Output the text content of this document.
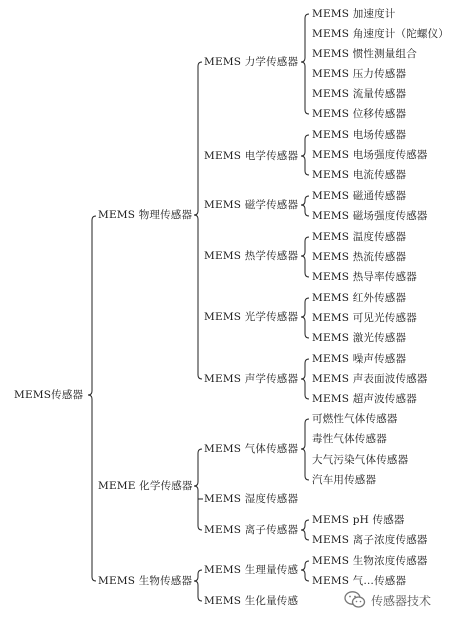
MEMS传感器
MEMS 物理传感器
MEME 化学传感器
MEMS 生物传感器
MEMS 力学传感器
MEMS 电学传感器
MEMS 磁学传感器
MEMS 热学传感器
MEMS 光学传感器
MEMS 声学传感器
MEMS 气体传感器
MEMS 湿度传感器
MEMS 离子传感器
MEMS 生理量传感
MEMS 生化量传感
MEMS 加速度计
MEMS 角速度计（陀螺仪）
MEMS 惯性测量组合
MEMS 压力传感器
MEMS 流量传感器
MEMS 位移传感器
MEMS 电场传感器
MEMS 电场强度传感器
MEMS 电流传感器
MEMS 磁通传感器
MEMS 磁场强度传感器
MEMS 温度传感器
MEMS 热流传感器
MEMS 热导率传感器
MEMS 红外传感器
MEMS 可见光传感器
MEMS 激光传感器
MEMS 噪声传感器
MEMS 声表面波传感器
MEMS 超声波传感器
可燃性气体传感器
毒性气体传感器
大气污染气体传感器
汽车用传感器
MEMS pH 传感器
MEMS 离子浓度传感器
MEMS 生物浓度传感器
MEMS 气…传感器
传感器技术
